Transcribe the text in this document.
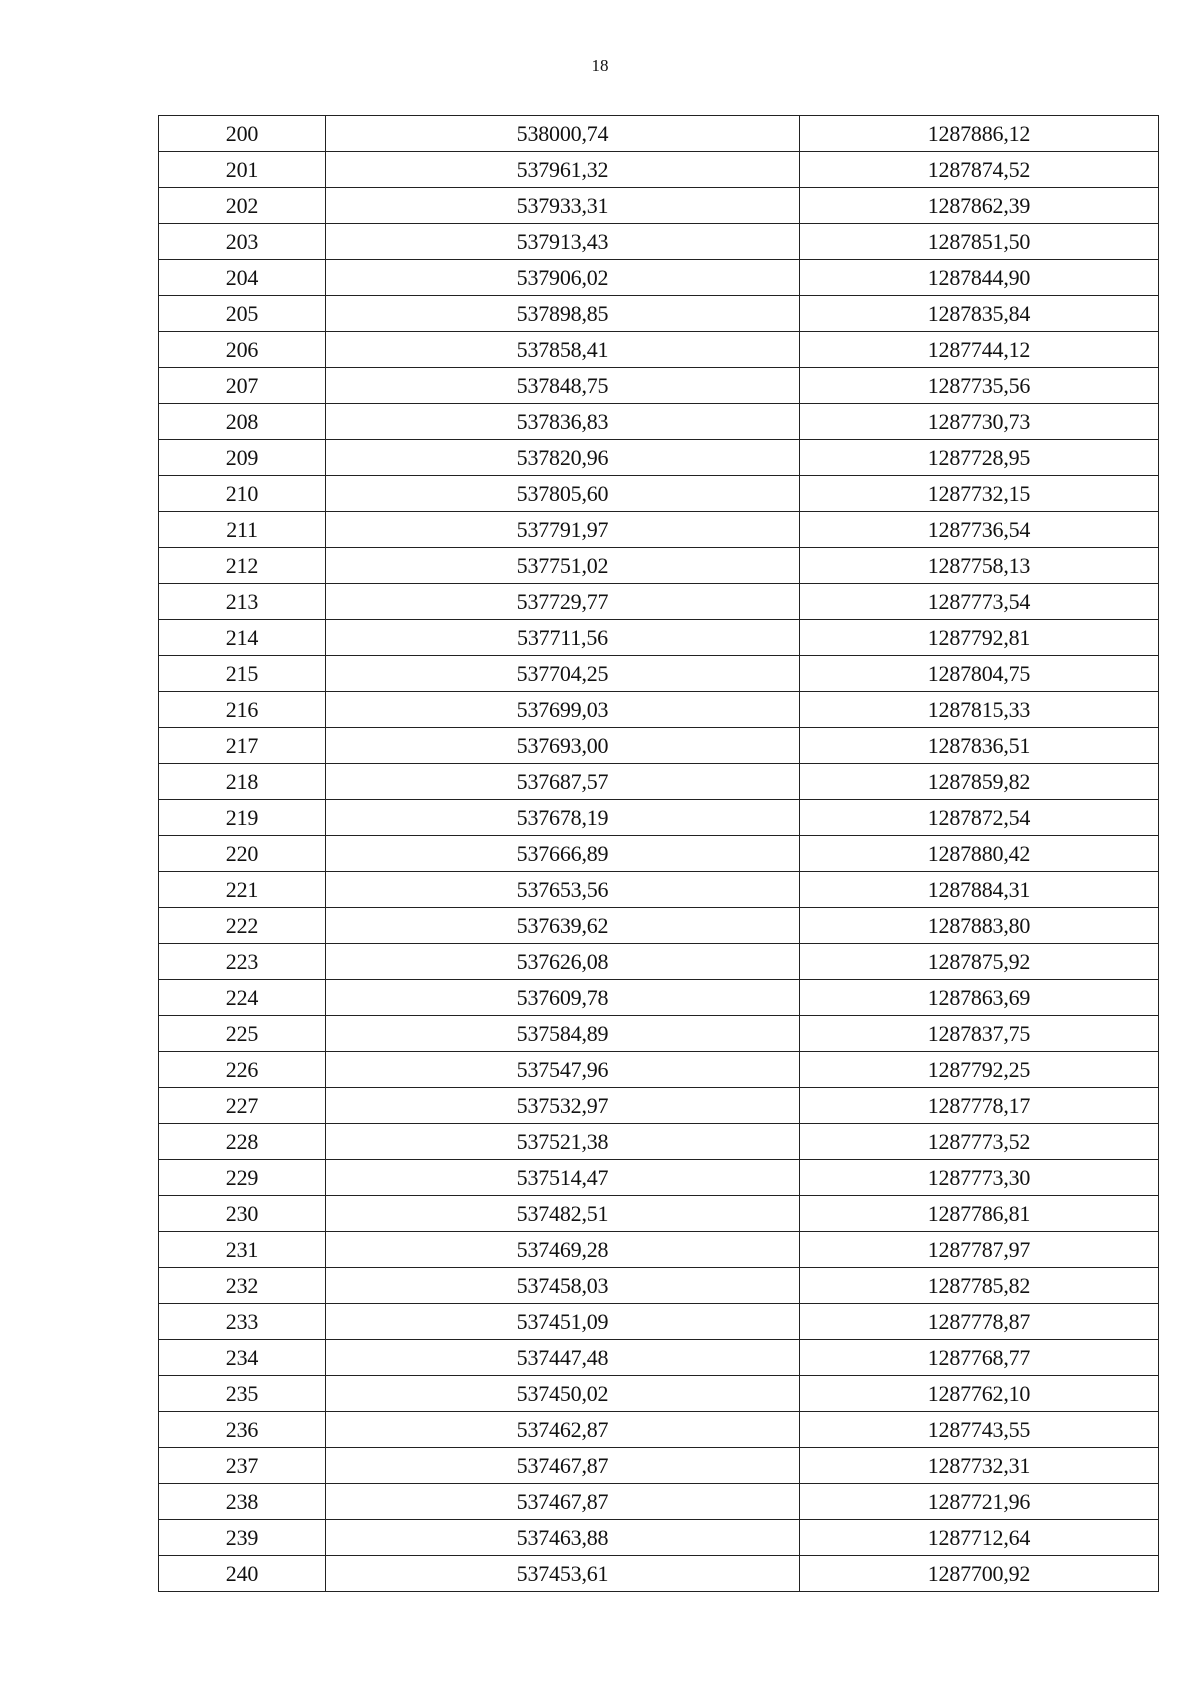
18
200	538000,74	1287886,12
201	537961,32	1287874,52
202	537933,31	1287862,39
203	537913,43	1287851,50
204	537906,02	1287844,90
205	537898,85	1287835,84
206	537858,41	1287744,12
207	537848,75	1287735,56
208	537836,83	1287730,73
209	537820,96	1287728,95
210	537805,60	1287732,15
211	537791,97	1287736,54
212	537751,02	1287758,13
213	537729,77	1287773,54
214	537711,56	1287792,81
215	537704,25	1287804,75
216	537699,03	1287815,33
217	537693,00	1287836,51
218	537687,57	1287859,82
219	537678,19	1287872,54
220	537666,89	1287880,42
221	537653,56	1287884,31
222	537639,62	1287883,80
223	537626,08	1287875,92
224	537609,78	1287863,69
225	537584,89	1287837,75
226	537547,96	1287792,25
227	537532,97	1287778,17
228	537521,38	1287773,52
229	537514,47	1287773,30
230	537482,51	1287786,81
231	537469,28	1287787,97
232	537458,03	1287785,82
233	537451,09	1287778,87
234	537447,48	1287768,77
235	537450,02	1287762,10
236	537462,87	1287743,55
237	537467,87	1287732,31
238	537467,87	1287721,96
239	537463,88	1287712,64
240	537453,61	1287700,92
